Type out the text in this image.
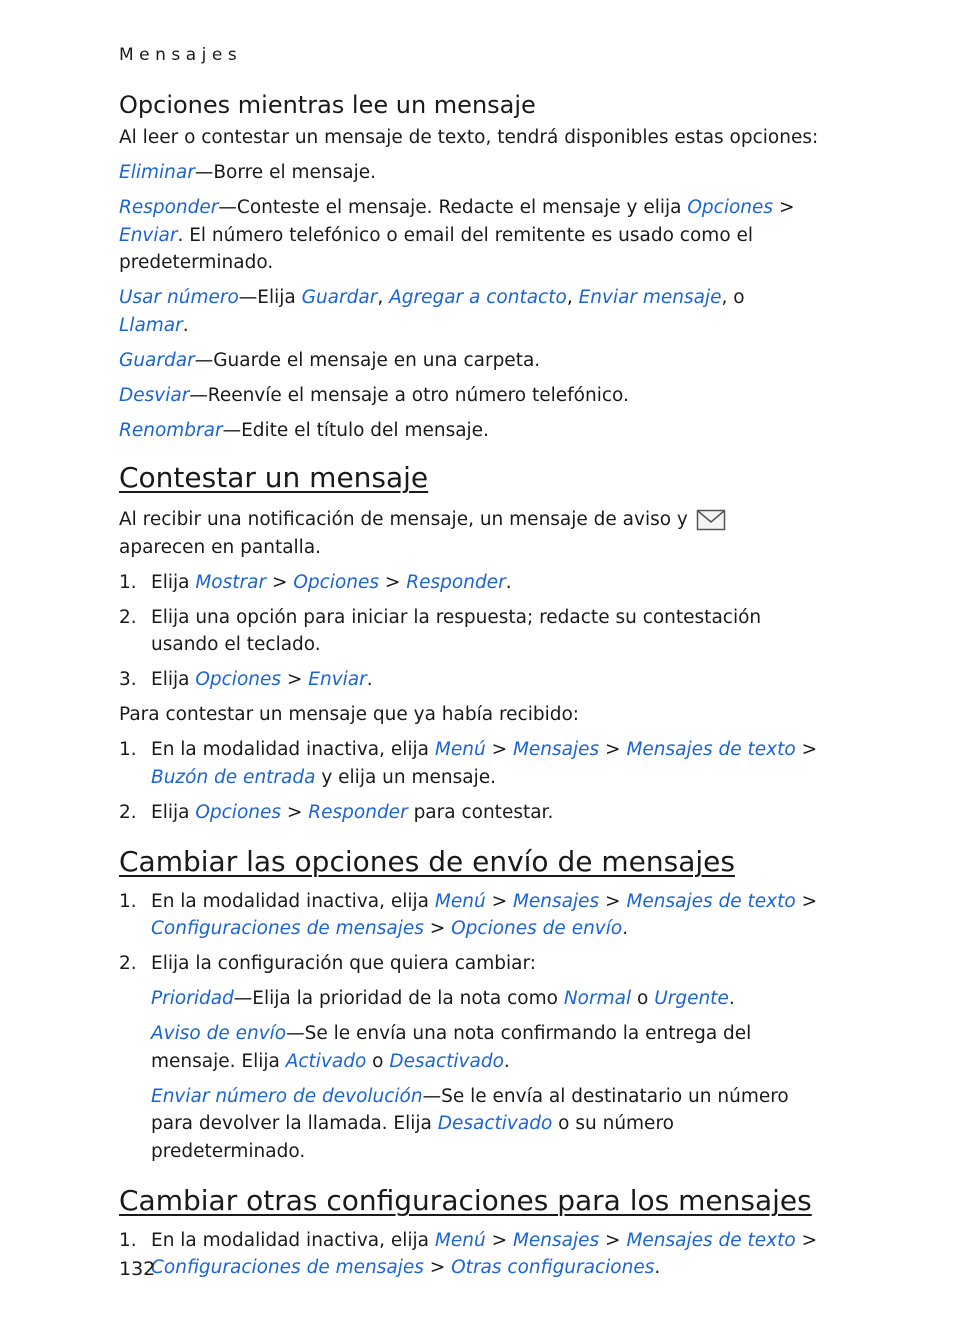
Mensajes
Opciones mientras lee un mensaje

Al leer o contestar un mensaje de texto, tendrá disponibles estas opciones:

Eliminar—Borre el mensaje.

Responder—Conteste el mensaje. Redacte el mensaje y elija Opciones > Enviar. El número telefónico o email del remitente es usado como el predeterminado.

Usar número—Elija Guardar, Agregar a contacto, Enviar mensaje, o Llamar.

Guardar—Guarde el mensaje en una carpeta.

Desviar—Reenvíe el mensaje a otro número telefónico.

Renombrar—Edite el título del mensaje.

Contestar un mensaje

Al recibir una notificación de mensaje, un mensaje de aviso yaparecen en pantalla.

1. Elija Mostrar > Opciones > Responder.
2. Elija una opción para iniciar la respuesta; redacte su contestación usando el teclado.
3. Elija Opciones > Enviar.

Para contestar un mensaje que ya había recibido:

1. En la modalidad inactiva, elija Menú > Mensajes > Mensajes de texto > Buzón de entrada y elija un mensaje.
2. Elija Opciones > Responder para contestar.
Cambiar las opciones de envío de mensajes
1. En la modalidad inactiva, elija Menú > Mensajes > Mensajes de texto > Configuraciones de mensajes > Opciones de envío.
2. Elija la configuración que quiera cambiar:

Prioridad—Elija la prioridad de la nota como Normal o Urgente.

Aviso de envío—Se le envía una nota confirmando la entrega del mensaje. Elija Activado o Desactivado.

Enviar número de devolución—Se le envía al destinatario un número para devolver la llamada. Elija Desactivado o su número predeterminado.

Cambiar otras configuraciones para los mensajes
1. En la modalidad inactiva, elija Menú > Mensajes > Mensajes de texto > Configuraciones de mensajes > Otras configuraciones.
132
